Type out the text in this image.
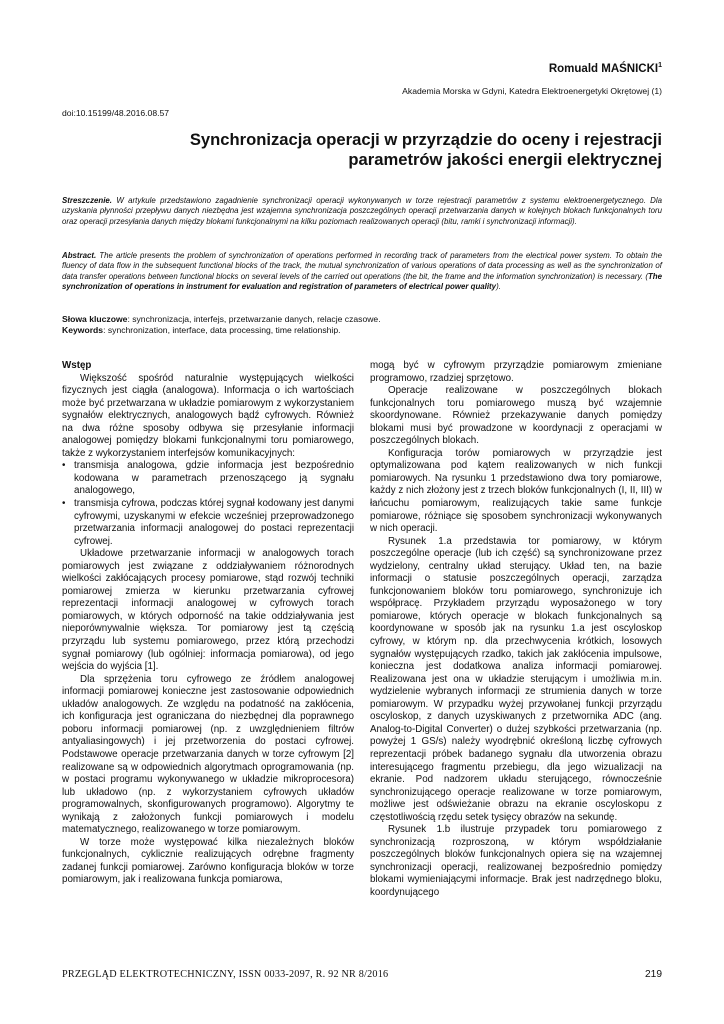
Romuald MAŚNICKI$^1$
Akademia Morska w Gdyni, Katedra Elektroenergetyki Okrętowej (1)
doi:10.15199/48.2016.08.57
Synchronizacja operacji w przyrządzie do oceny i rejestracji
parametrów jakości energii elektrycznej
Streszczenie. W artykule przedstawiono zagadnienie synchronizacji operacji wykonywanych w torze rejestracji parametrów z systemu elektroenergetycznego. Dla uzyskania płynności przepływu danych niezbędna jest wzajemna synchronizacja poszczególnych operacji przetwarzania danych w kolejnych blokach funkcjonalnych toru oraz operacji przesyłania danych między blokami funkcjonalnymi na kilku poziomach realizowanych operacji (bitu, ramki i synchronizacji informacji).
Abstract. The article presents the problem of synchronization of operations performed in recording track of parameters from the electrical power system. To obtain the fluency of data flow in the subsequent functional blocks of the track, the mutual synchronization of various operations of data processing as well as the synchronization of data transfer operations between functional blocks on several levels of the carried out operations (the bit, the frame and the information synchronization) is necessary. (The synchronization of operations in instrument for evaluation and registration of parameters of electrical power quality).
Słowa kluczowe: synchronizacja, interfejs, przetwarzanie danych, relacje czasowe.
Keywords: synchronization, interface, data processing, time relationship.
Wstęp

Większość spośród naturalnie występujących wielkości fizycznych jest ciągła (analogowa). Informacja o ich wartościach może być przetwarzana w układzie pomiarowym z wykorzystaniem sygnałów elektrycznych, analogowych bądź cyfrowych. Również na dwa różne sposoby odbywa się przesyłanie informacji analogowej pomiędzy blokami funkcjonalnymi toru pomiarowego, także z wykorzystaniem interfejsów komunikacyjnych:

• transmisja analogowa, gdzie informacja jest bezpośrednio kodowana w parametrach przenoszącego ją sygnału analogowego,
• transmisja cyfrowa, podczas której sygnał kodowany jest danymi cyfrowymi, uzyskanymi w efekcie wcześniej przeprowadzonego przetwarzania informacji analogowej do postaci reprezentacji cyfrowej.

Układowe przetwarzanie informacji w analogowych torach pomiarowych jest związane z oddziaływaniem różnorodnych wielkości zakłócających procesy pomiarowe, stąd rozwój techniki pomiarowej zmierza w kierunku przetwarzania cyfrowej reprezentacji informacji analogowej w cyfrowych torach pomiarowych, w których odporność na takie oddziaływania jest nieporównywalnie większa. Tor pomiarowy jest tą częścią przyrządu lub systemu pomiarowego, przez którą przechodzi sygnał pomiarowy (lub ogólniej: informacja pomiarowa), od jego wejścia do wyjścia [1].

Dla sprzężenia toru cyfrowego ze źródłem analogowej informacji pomiarowej konieczne jest zastosowanie odpowiednich układów analogowych. Ze względu na podatność na zakłócenia, ich konfiguracja jest ograniczana do niezbędnej dla poprawnego poboru informacji pomiarowej (np. z uwzględnieniem filtrów antyaliasingowych) i jej przetworzenia do postaci cyfrowej. Podstawowe operacje przetwarzania danych w torze cyfrowym [2] realizowane są w odpowiednich algorytmach oprogramowania (np. w postaci programu wykonywanego w układzie mikroprocesora) lub układowo (np. z wykorzystaniem cyfrowych układów programowalnych, skonfigurowanych programowo). Algorytmy te wynikają z założonych funkcji pomiarowych i modelu matematycznego, realizowanego w torze pomiarowym.

W torze może występować kilka niezależnych bloków funkcjonalnych, cyklicznie realizujących odrębne fragmenty zadanej funkcji pomiarowej. Zarówno konfiguracja bloków w torze pomiarowym, jak i realizowana funkcja pomiarowa,

mogą być w cyfrowym przyrządzie pomiarowym zmieniane programowo, rzadziej sprzętowo.

Operacje realizowane w poszczególnych blokach funkcjonalnych toru pomiarowego muszą być wzajemnie skoordynowane. Również przekazywanie danych pomiędzy blokami musi być prowadzone w koordynacji z operacjami w poszczególnych blokach.

Konfiguracja torów pomiarowych w przyrządzie jest optymalizowana pod kątem realizowanych w nich funkcji pomiarowych. Na rysunku 1 przedstawiono dwa tory pomiarowe, każdy z nich złożony jest z trzech bloków funkcjonalnych (I, II, III) w łańcuchu pomiarowym, realizujących takie same funkcje pomiarowe, różniące się sposobem synchronizacji wykonywanych w nich operacji.

Rysunek 1.a przedstawia tor pomiarowy, w którym poszczególne operacje (lub ich część) są synchronizowane przez wydzielony, centralny układ sterujący. Układ ten, na bazie informacji o statusie poszczególnych operacji, zarządza funkcjonowaniem bloków toru pomiarowego, synchronizuje ich współpracę. Przykładem przyrządu wyposażonego w tory pomiarowe, których operacje w blokach funkcjonalnych są koordynowane w sposób jak na rysunku 1.a jest oscyloskop cyfrowy, w którym np. dla przechwycenia krótkich, losowych sygnałów występujących rzadko, takich jak zakłócenia impulsowe, konieczna jest dodatkowa analiza informacji pomiarowej. Realizowana jest ona w układzie sterującym i umożliwia m.in. wydzielenie wybranych informacji ze strumienia danych w torze pomiarowym. W przypadku wyżej przywołanej funkcji przyrządu oscyloskop, z danych uzyskiwanych z przetwornika ADC (ang. Analog-to-Digital Converter) o dużej szybkości przetwarzania (np. powyżej 1 GS/s) należy wyodrębnić określoną liczbę cyfrowych reprezentacji próbek badanego sygnału dla utworzenia obrazu interesującego fragmentu przebiegu, dla jego wizualizacji na ekranie. Pod nadzorem układu sterującego, równocześnie synchronizującego operacje realizowane w torze pomiarowym, możliwe jest odświeżanie obrazu na ekranie oscyloskopu z częstotliwością rzędu setek tysięcy obrazów na sekundę.

Rysunek 1.b ilustruje przypadek toru pomiarowego z synchronizacją rozproszoną, w którym współdziałanie poszczególnych bloków funkcjonalnych opiera się na wzajemnej synchronizacji operacji, realizowanej bezpośrednio pomiędzy blokami wymieniającymi informacje. Brak jest nadrzędnego bloku, koordynującego

PRZEGLĄD ELEKTROTECHNICZNY, ISSN 0033-2097, R. 92 NR 8/2016	219
